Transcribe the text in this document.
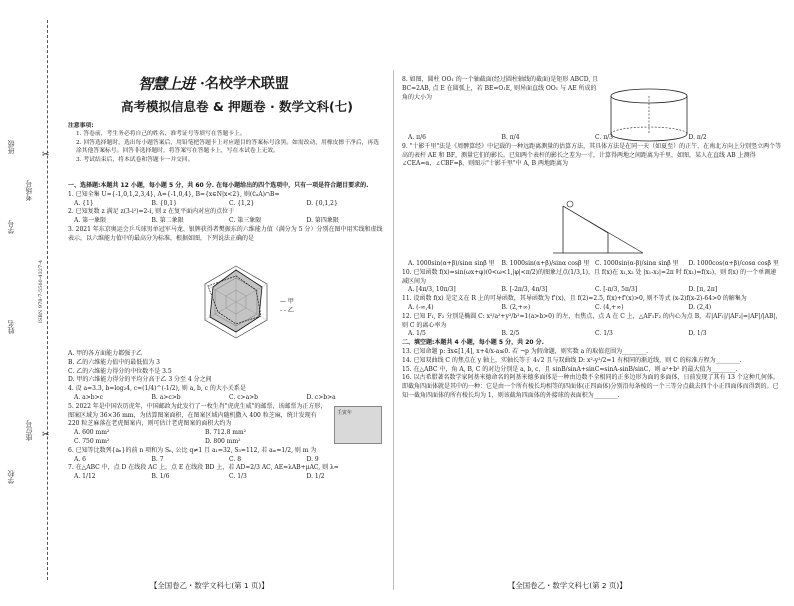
班级
学号
姓名
学校
考场号
座位号
ISBN 978-7-5560-4327-4
✂
✂
智慧上进 ·名校学术联盟
高考模拟信息卷 & 押题卷 · 数学文科(七)
注意事项:

1. 答卷前，考生务必将自己的姓名、准考证号等填写在答题卡上。

2. 回答选择题时，选出每小题答案后，用铅笔把答题卡上对应题目的答案标号涂黑。如需改动，用橡皮擦干净后，再选涂其他答案标号。回答非选择题时，将答案写在答题卡上，写在本试卷上无效。

3. 考试结束后，将本试卷和答题卡一并交回。

一、选择题:本题共 12 小题，每小题 5 分，共 60 分. 在每小题给出的四个选项中，只有一项是符合题目要求的.
1. 已知全集 U={-1,0,1,2,3,4}, A={-1,0,4}, B={x∈N|x<2}, 则(∁ₐA)∩B=
A. {1}	B. {0,1}	C. {1,2}	D. {0,1,2}
2. 已知复数 z 满足 z(3-i²)=2-i, 则 z 在复平面内对应的点位于
A. 第一象限	B. 第二象限	C. 第三象限	D. 第四象限
3. 2021 年东京奥运会乒乓球男单冠军马龙、银牌获得者樊振东的六维能力值（满分为 5 分）分别在图中用实线和虚线表示，以六维能力值中的最高分为标准，根据如图，下列说法正确的是
— 甲
- - 乙
A. 甲的各方面能力都强于乙
B. 乙的六维能力值中的最低值为 3
C. 乙的六维能力得分的中位数不是 3.5
D. 甲的六维能力得分的平均分高于乙 3 分至 4 分之间
4. 设 a=3.3, b=log₂4, c=(1/4)^(-1/2), 则 a, b, c 的大小关系是
A. a>b>c	B. a>c>b	C. c>a>b	D. c>b>a
5. 2022 年是中国农历虎年，中国邮政为此发行了一枚生肖"虎虎生威"的邮票，该邮票为正方形，图案区域为 36×36 mm，为估算图案面积，在图案区域内随机撒入 400 粒芝麻，统计发现有 220 粒芝麻落在老虎图案内，则可估计老虎图案的面积大约为
A. 600 mm²	B. 712.8 mm²
C. 750 mm²	D. 800 mm²
6. 已知等比数列{aₙ}的前 n 项和为 Sₙ, 公比 q≠1 且 a₁=32, S₅=112, 若 aₘ=1/2, 则 m 为
A. 6	B. 7	C. 8	D. 9
7. 在△ABC 中，点 D 在线段 AC 上，点 E 在线段 BD 上，若 AD=2/3 AC, AE=λAB+μAC, 则 λ=
A. 1/12	B. 1/6	C. 1/3	D. 1/2
壬寅年
8. 如图，圆柱 OO₁ 的一个轴截面(经过圆柱轴线的截面)是矩形 ABCD, 且 BC=2AB, 点 E 在圆弧上，若 BE=O₁E, 则异面直线 OO₁ 与 AE 所成的角的大小为
A. π/6	B. π/4	C. π/3	D. π/2
9. "十影千里"法是《周髀算经》中记载的一种远距离测量的估算方法，其具体方法是在同一天（如夏至）的正午，在南北方向上分别竖立两个等高的表杆 AE 和 BF，测量它们的影长。已知两个表杆的影长之差为一寸，计算得两地之间距离为千里，如图，某人在直线 AB 上测得∠CEA=α，∠CBF=β，则图示"十影千里"中 A, B 两地距离为
A. 1000sin(α+β)/sinα sinβ 里	B. 1000sin(α+β)/sinα cosβ 里 C. 1000sin(α-β)/sinα sinβ 里	D. 1000cos(α+β)/cosα cosβ 里
10. 已知函数 f(x)=sin(ωx+φ)(0<ω<1,|φ|<π/2)的图象过点(1/3,1)，且 f(x)在 x₁,x₂ 处 |x₁-x₂|=2π 时 f(x₁)=f(x₂)，则 f(x) 的一个单调递减区间为
A. [4π/3, 10π/3]	B. [-2π/3, 4π/3]	C. [-π/3, 5π/3]	D. [π, 2π]
11. 设函数 f(x) 是定义在 R 上的可导函数，其导函数为 f'(x)，且 f(2)=2.5, f(x)+f'(x)>0, 则不等式 (x-2)f(x-2)-64>0 的解集为
A. (-∞,4)	B. (2,+∞)	C. (4,+∞)	D. (2,4)
12. 已知 F₁, F₂ 分别是椭圆 C: x²/a²+y²/b²=1(a>b>0) 的左、右焦点，点 A 在 C 上，△AF₁F₂ 的内心为点 B，若|AF₁|/|AF₂|=|AF|/|AB|，则 C 的离心率为
A. 1/5	B. 2/5	C. 1/3	D. 1/3
二、填空题:本题共 4 小题，每小题 5 分，共 20 分.
13. 已知命题 p: ∃x∈[1,4], x+4/x-a≤0. 若 ¬p 为假命题，则实数 a 的取值范围为________.
14. 已知双曲线 C 的焦点在 y 轴上，实轴长等于 4√2 且与双曲线 D: x²-y²/2=1 有相同的渐近线，则 C 的标准方程为________.
15. 在△ABC 中，角 A, B, C 的对边分别是 a, b, c，且 sinB/sinA+sinC=sinA-sinB/sinC，则 a²+b² 的最大值为________.
16. 以古希腊著名数学家阿基米德命名的阿基米德多面体是一种由边数不全相同的正多边形为面的多面体，日前发现了其有 13 个这种几何体。即截角四面体就是其中的一种：它是由一个所有棱长均相等的四面体(正四面体)分别沿每条棱的一个三等分点截去四个小正四面体而得到的。已知一截角四面体的所有棱长均为 1，则该截角四面体的外接球的表面积为________.
【全国卷乙・数学文科七(第 1 页)】	【全国卷乙・数学文科七(第 2 页)】
